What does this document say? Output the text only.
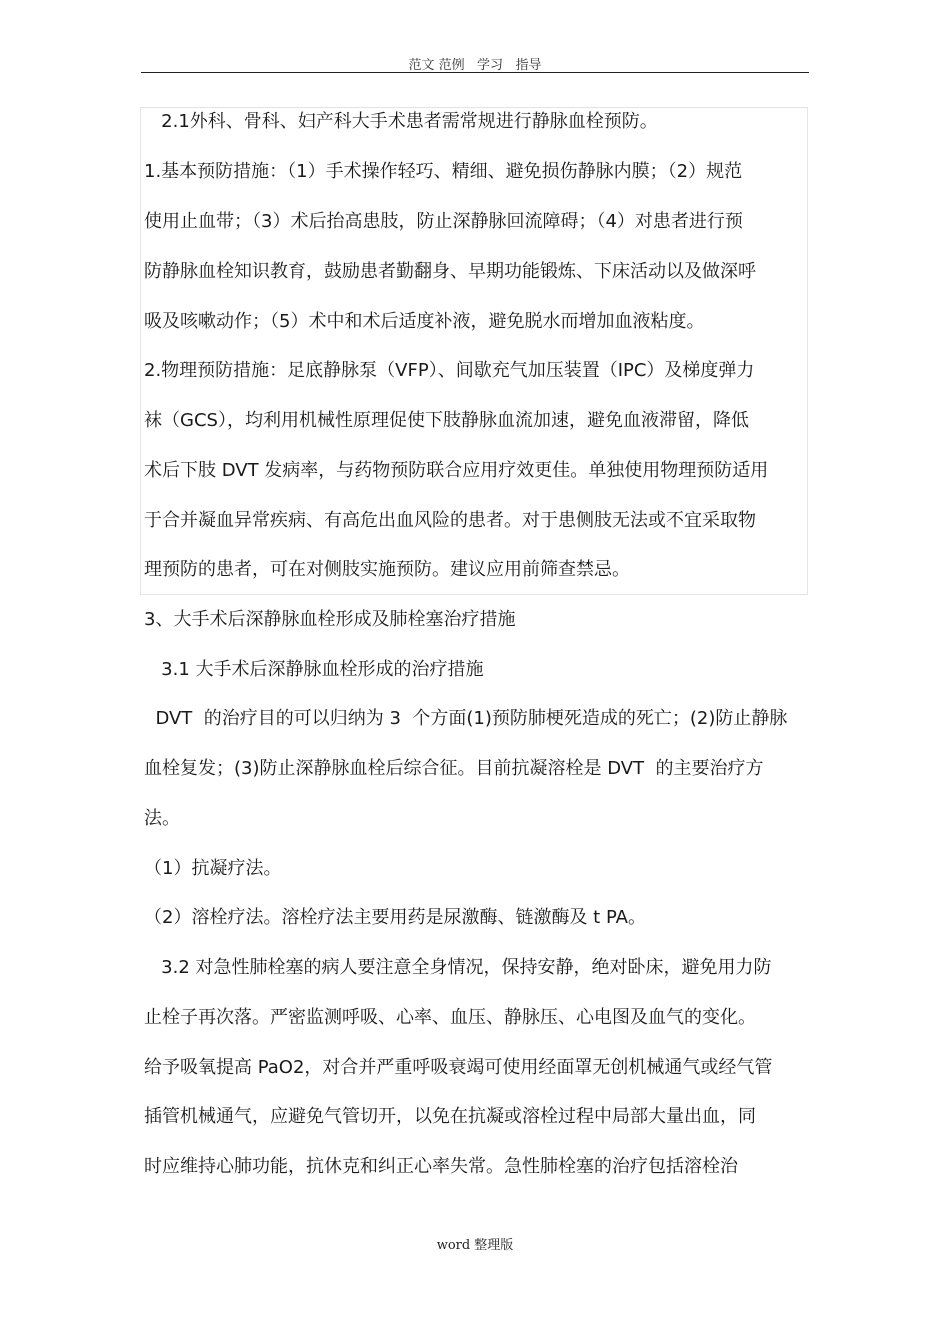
范文 范例   学习   指导
2.1外科、骨科、妇产科大手术患者需常规进行静脉血栓预防。
1.基本预防措施：（1）手术操作轻巧、精细、避免损伤静脉内膜；（2）规范
使用止血带；（3）术后抬高患肢，防止深静脉回流障碍；（4）对患者进行预
防静脉血栓知识教育，鼓励患者勤翻身、早期功能锻炼、下床活动以及做深呼
吸及咳嗽动作；（5）术中和术后适度补液，避免脱水而增加血液粘度。
2.物理预防措施：足底静脉泵（VFP）、间歇充气加压装置（IPC）及梯度弹力
袜（GCS），均利用机械性原理促使下肢静脉血流加速，避免血液滞留，降低
术后下肢 DVT 发病率，与药物预防联合应用疗效更佳。单独使用物理预防适用
于合并凝血异常疾病、有高危出血风险的患者。对于患侧肢无法或不宜采取物
理预防的患者，可在对侧肢实施预防。建议应用前筛查禁忌。
3、大手术后深静脉血栓形成及肺栓塞治疗措施
3.1 大手术后深静脉血栓形成的治疗措施
DVT  的治疗目的可以归纳为 3  个方面(1)预防肺梗死造成的死亡；(2)防止静脉
血栓复发；(3)防止深静脉血栓后综合征。目前抗凝溶栓是 DVT  的主要治疗方
法。
（1）抗凝疗法。
（2）溶栓疗法。溶栓疗法主要用药是尿激酶、链激酶及 t PA。
3.2 对急性肺栓塞的病人要注意全身情况，保持安静，绝对卧床，避免用力防
止栓子再次落。严密监测呼吸、心率、血压、静脉压、心电图及血气的变化。
给予吸氧提高 PaO2，对合并严重呼吸衰竭可使用经面罩无创机械通气或经气管
插管机械通气，应避免气管切开，以免在抗凝或溶栓过程中局部大量出血，同
时应维持心肺功能，抗休克和纠正心率失常。急性肺栓塞的治疗包括溶栓治
word 整理版
